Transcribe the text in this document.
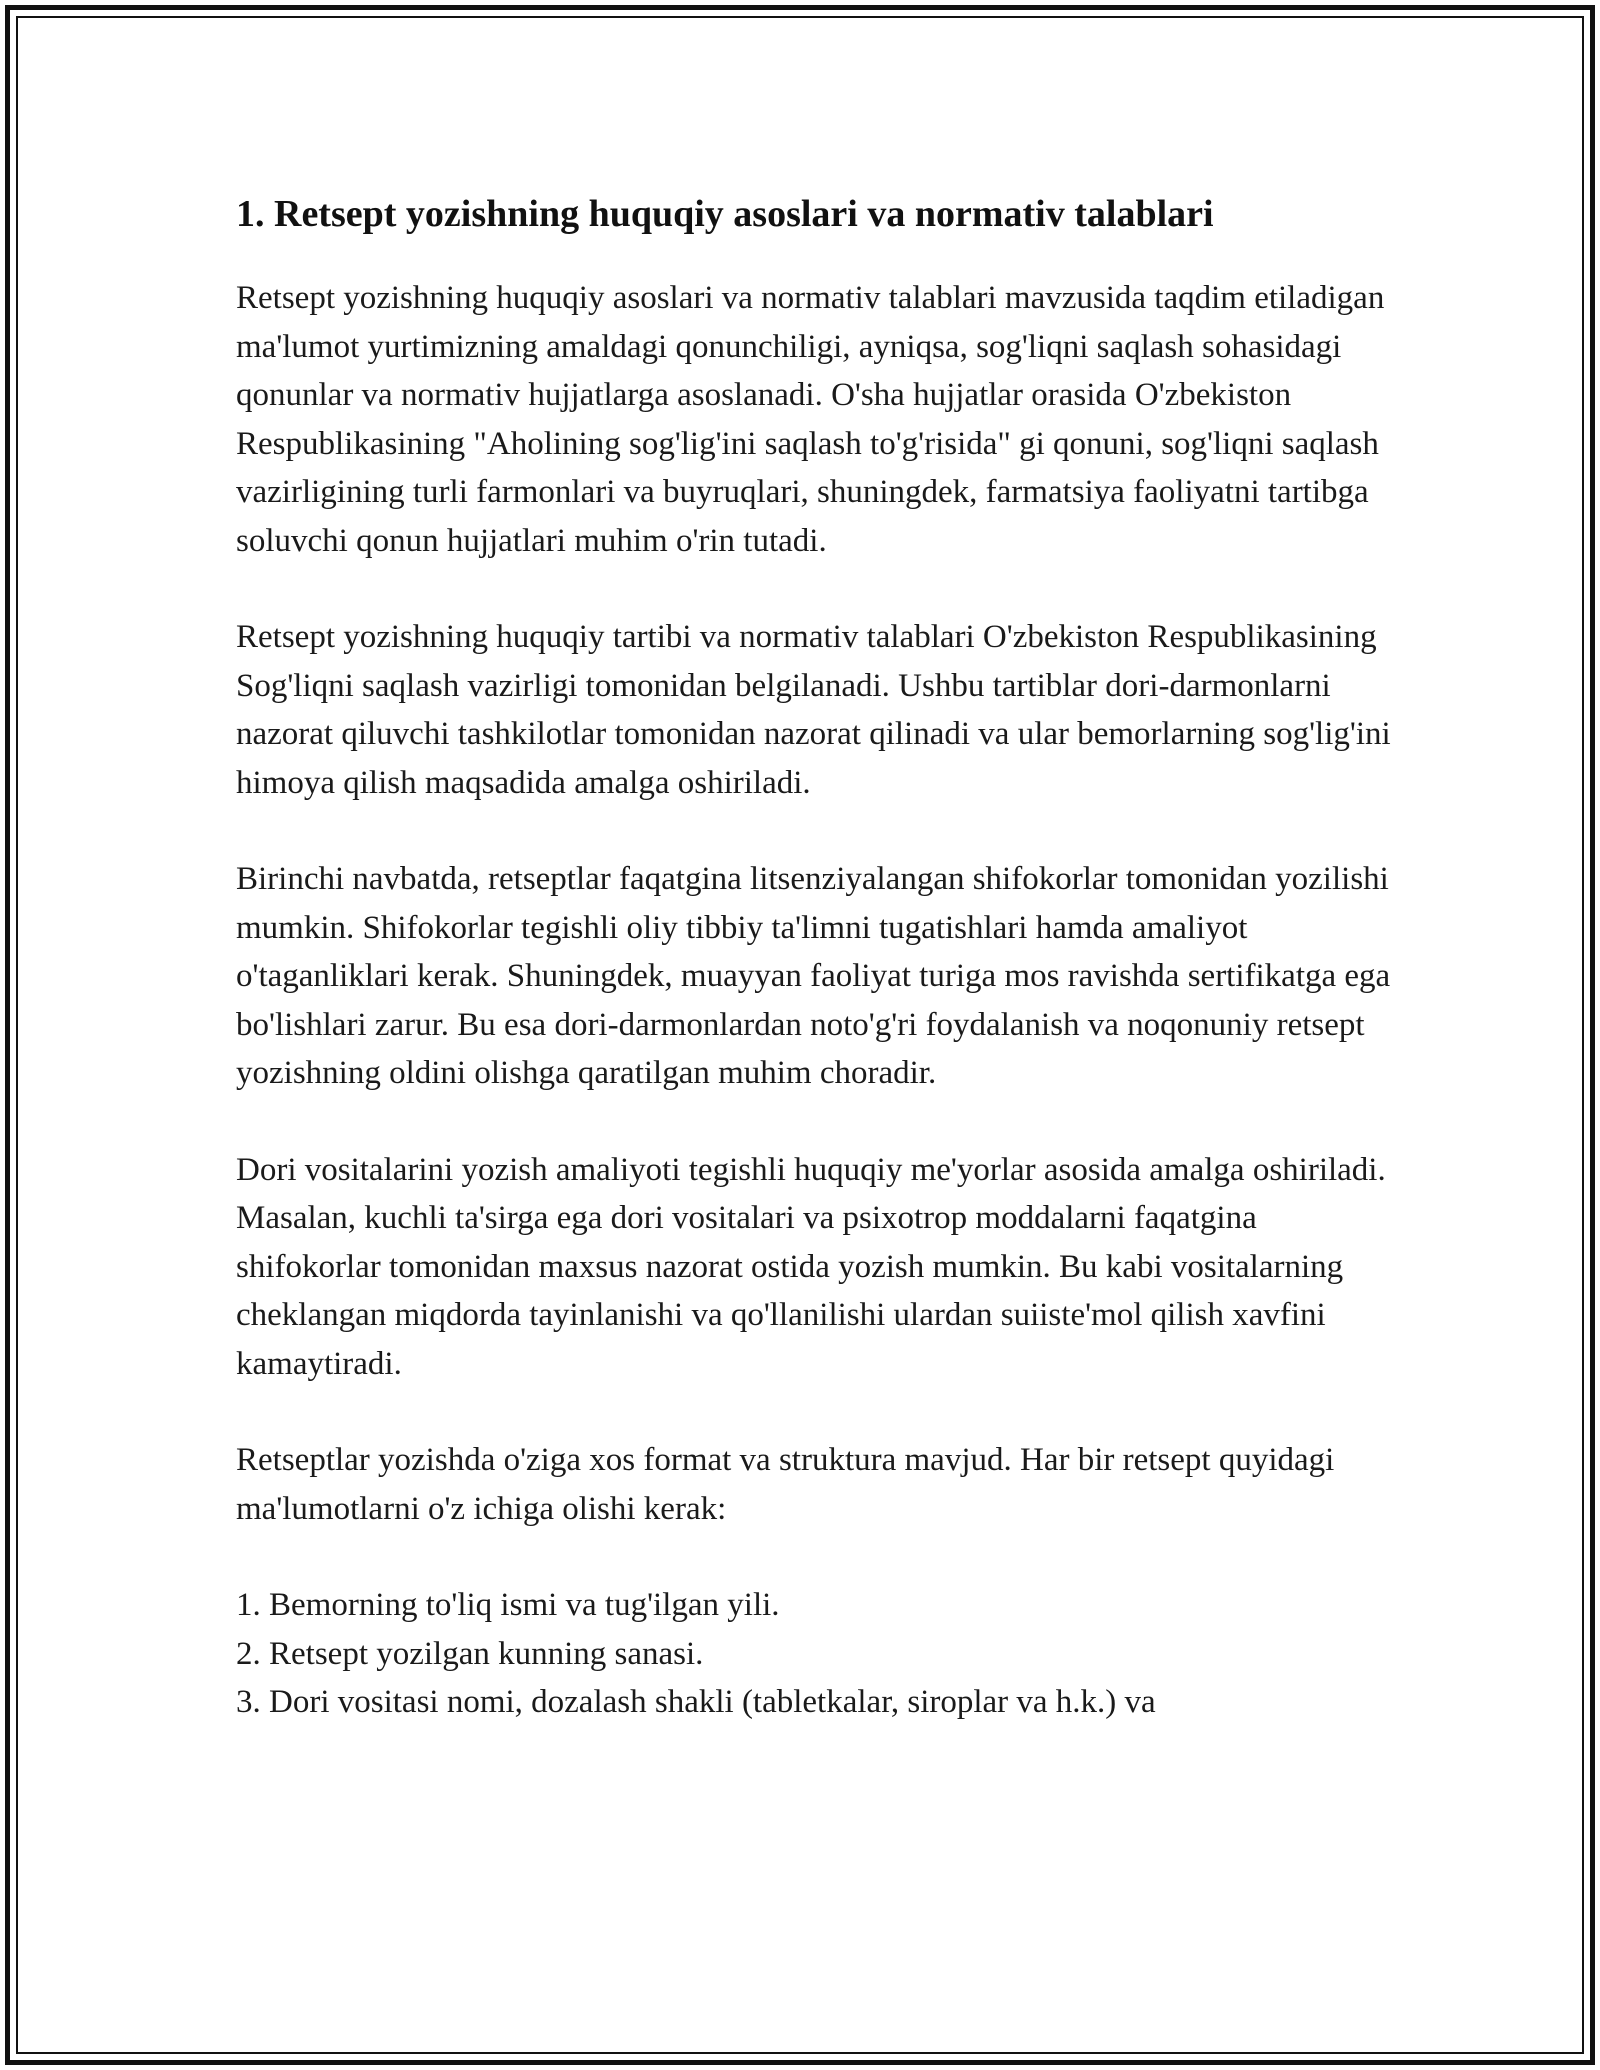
1. Retsept yozishning huquqiy asoslari va normativ talablari

Retsept yozishning huquqiy asoslari va normativ talablari mavzusida taqdim etiladigan ma'lumot yurtimizning amaldagi qonunchiligi, ayniqsa, sog'liqni saqlash sohasidagi qonunlar va normativ hujjatlarga asoslanadi. O'sha hujjatlar orasida O'zbekiston Respublikasining "Aholining sog'lig'ini saqlash to'g'risida" gi qonuni, sog'liqni saqlash vazirligining turli farmonlari va buyruqlari, shuningdek, farmatsiya faoliyatni tartibga soluvchi qonun hujjatlari muhim o'rin tutadi.

Retsept yozishning huquqiy tartibi va normativ talablari O'zbekiston Respublikasining Sog'liqni saqlash vazirligi tomonidan belgilanadi. Ushbu tartiblar dori-darmonlarni nazorat qiluvchi tashkilotlar tomonidan nazorat qilinadi va ular bemorlarning sog'lig'ini himoya qilish maqsadida amalga oshiriladi.

Birinchi navbatda, retseptlar faqatgina litsenziyalangan shifokorlar tomonidan yozilishi mumkin. Shifokorlar tegishli oliy tibbiy ta'limni tugatishlari hamda amaliyot o'taganliklari kerak. Shuningdek, muayyan faoliyat turiga mos ravishda sertifikatga ega bo'lishlari zarur. Bu esa dori-darmonlardan noto'g'ri foydalanish va noqonuniy retsept yozishning oldini olishga qaratilgan muhim choradir.

Dori vositalarini yozish amaliyoti tegishli huquqiy me'yorlar asosida amalga oshiriladi. Masalan, kuchli ta'sirga ega dori vositalari va psixotrop moddalarni faqatgina shifokorlar tomonidan maxsus nazorat ostida yozish mumkin. Bu kabi vositalarning cheklangan miqdorda tayinlanishi va qo'llanilishi ulardan suiiste'mol qilish xavfini kamaytiradi.

Retseptlar yozishda o'ziga xos format va struktura mavjud. Har bir retsept quyidagi ma'lumotlarni o'z ichiga olishi kerak:

1. Bemorning to'liq ismi va tug'ilgan yili.
2. Retsept yozilgan kunning sanasi.
3. Dori vositasi nomi, dozalash shakli (tabletkalar, siroplar va h.k.) va
